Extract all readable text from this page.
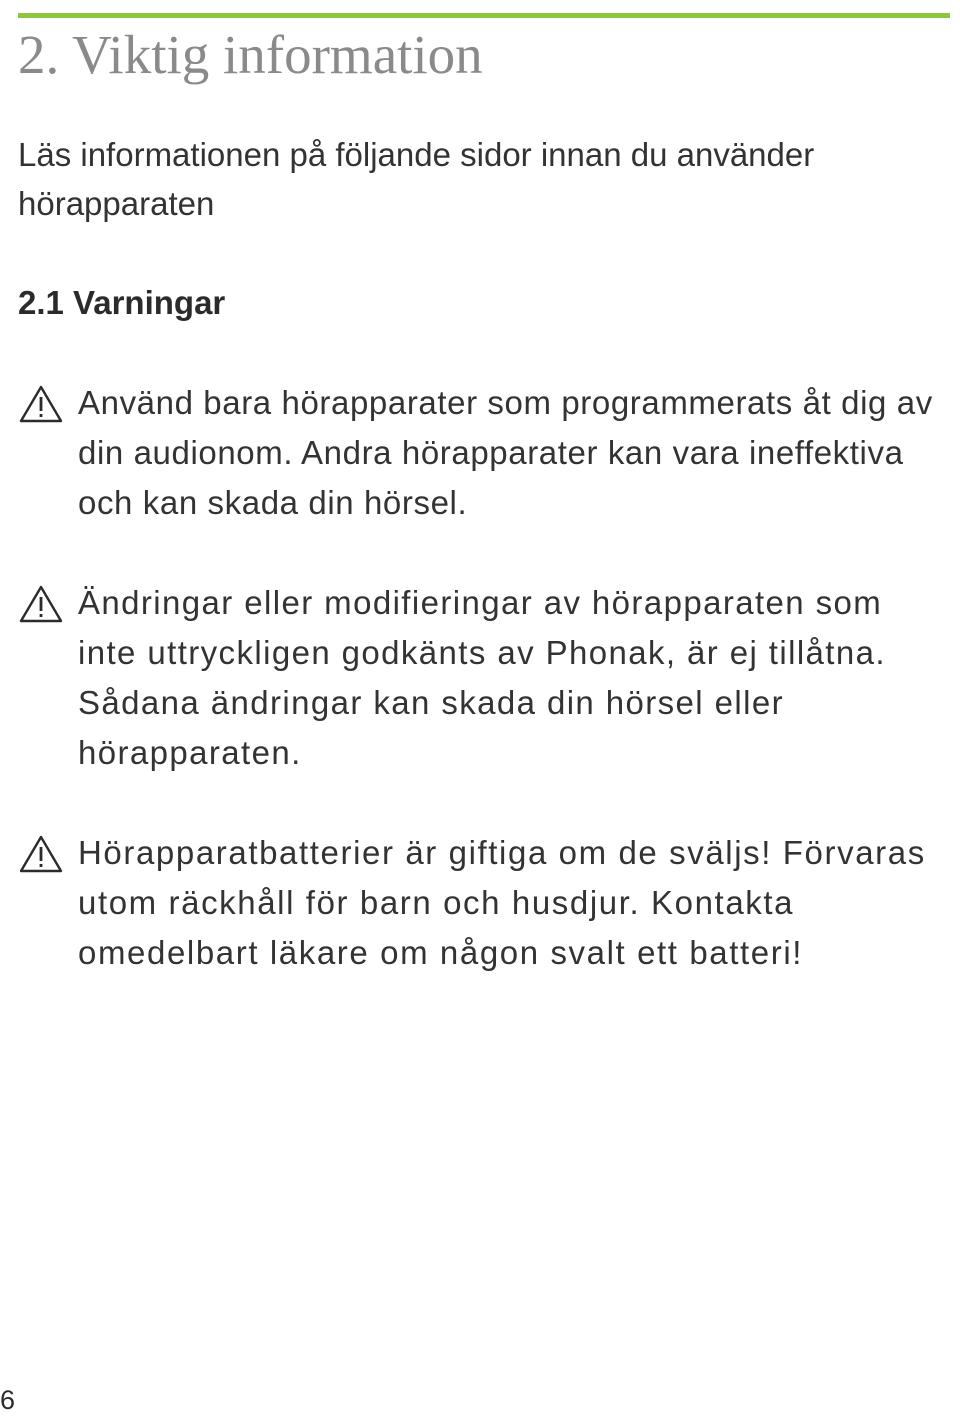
2. Viktig information

Läs informationen på följande sidor innan du använder hörapparaten

2.1 Varningar

Använd bara hörapparater som programmerats åt dig av din audionom. Andra hörapparater kan vara ineffektiva och kan skada din hörsel.

Ändringar eller modifieringar av hörapparaten som inte uttryckligen godkänts av Phonak, är ej tillåtna. Sådana ändringar kan skada din hörsel eller hörapparaten.

Hörapparatbatterier är giftiga om de sväljs! Förvaras utom räckhåll för barn och husdjur. Kontakta omedelbart läkare om någon svalt ett batteri!

6
